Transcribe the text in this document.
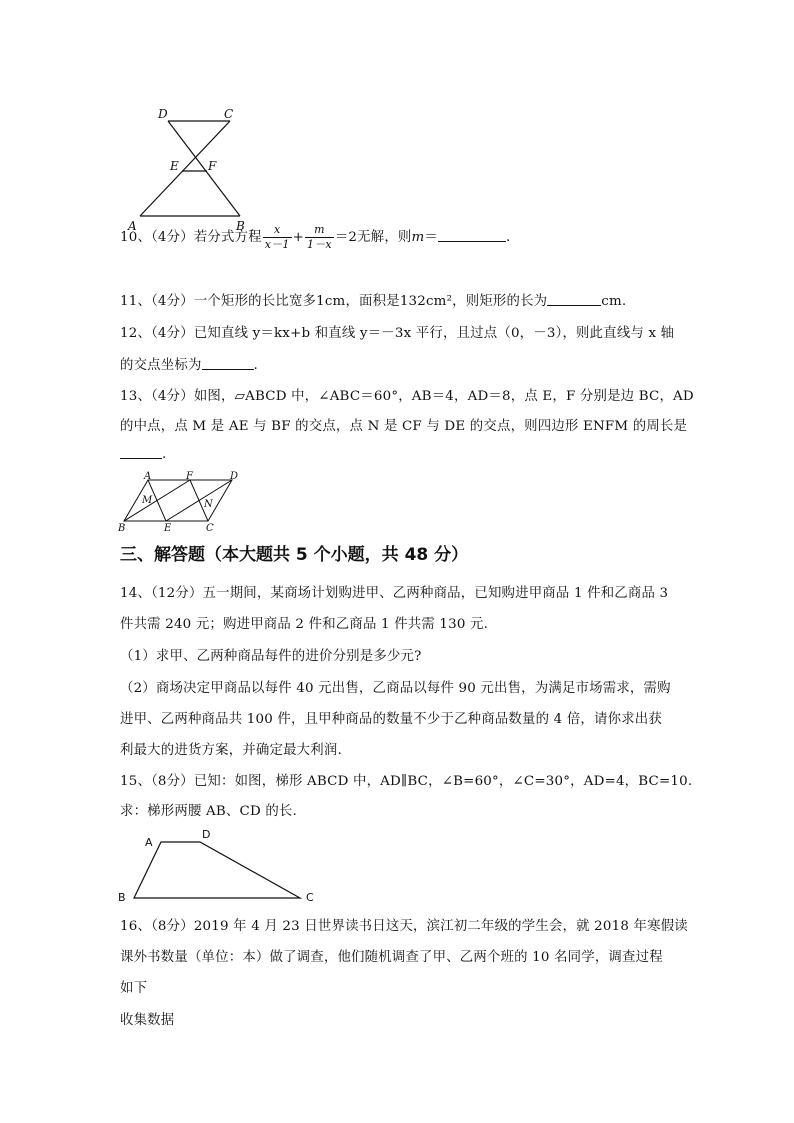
D	C
E F
A	B
10、（4分）若分式方程 $\frac{x}{x-1} + \frac{m}{1-x} =2$无解，则m＝	.
11、（4分）一个矩形的长比宽多1cm，面积是132cm²，则矩形的长为	cm.
12、（4分）已知直线 y＝kx+b 和直线 y＝－3x 平行，且过点（0，－3），则此直线与 x 轴
的交点坐标为	.
13、（4分）如图，▱ABCD 中，∠ABC＝60°，AB＝4，AD＝8，点 E，F 分别是边 BC，AD
的中点，点 M 是 AE 与 BF 的交点，点 N 是 CF 与 DE 的交点，则四边形 ENFM 的周长是
.
A	F	D
M	N
B	E	C
三、解答题（本大题共 5 个小题，共 48 分）
14、（12分）五一期间，某商场计划购进甲、乙两种商品，已知购进甲商品 1 件和乙商品 3
件共需 240 元；购进甲商品 2 件和乙商品 1 件共需 130 元.
（1）求甲、乙两种商品每件的进价分别是多少元?
（2）商场决定甲商品以每件 40 元出售，乙商品以每件 90 元出售，为满足市场需求，需购
进甲、乙两种商品共 100 件，且甲种商品的数量不少于乙种商品数量的 4 倍，请你求出获
利最大的进货方案，并确定最大利润.
15、（8分）已知：如图，梯形 ABCD 中，AD∥BC，∠B=60°，∠C=30°，AD=4，BC=10.
求：梯形两腰 AB、CD 的长.
A
D
B	C
16、（8分）2019 年 4 月 23 日世界读书日这天，滨江初二年级的学生会，就 2018 年寒假读
课外书数量（单位：本）做了调查，他们随机调查了甲、乙两个班的 10 名同学，调查过程
如下
收集数据
